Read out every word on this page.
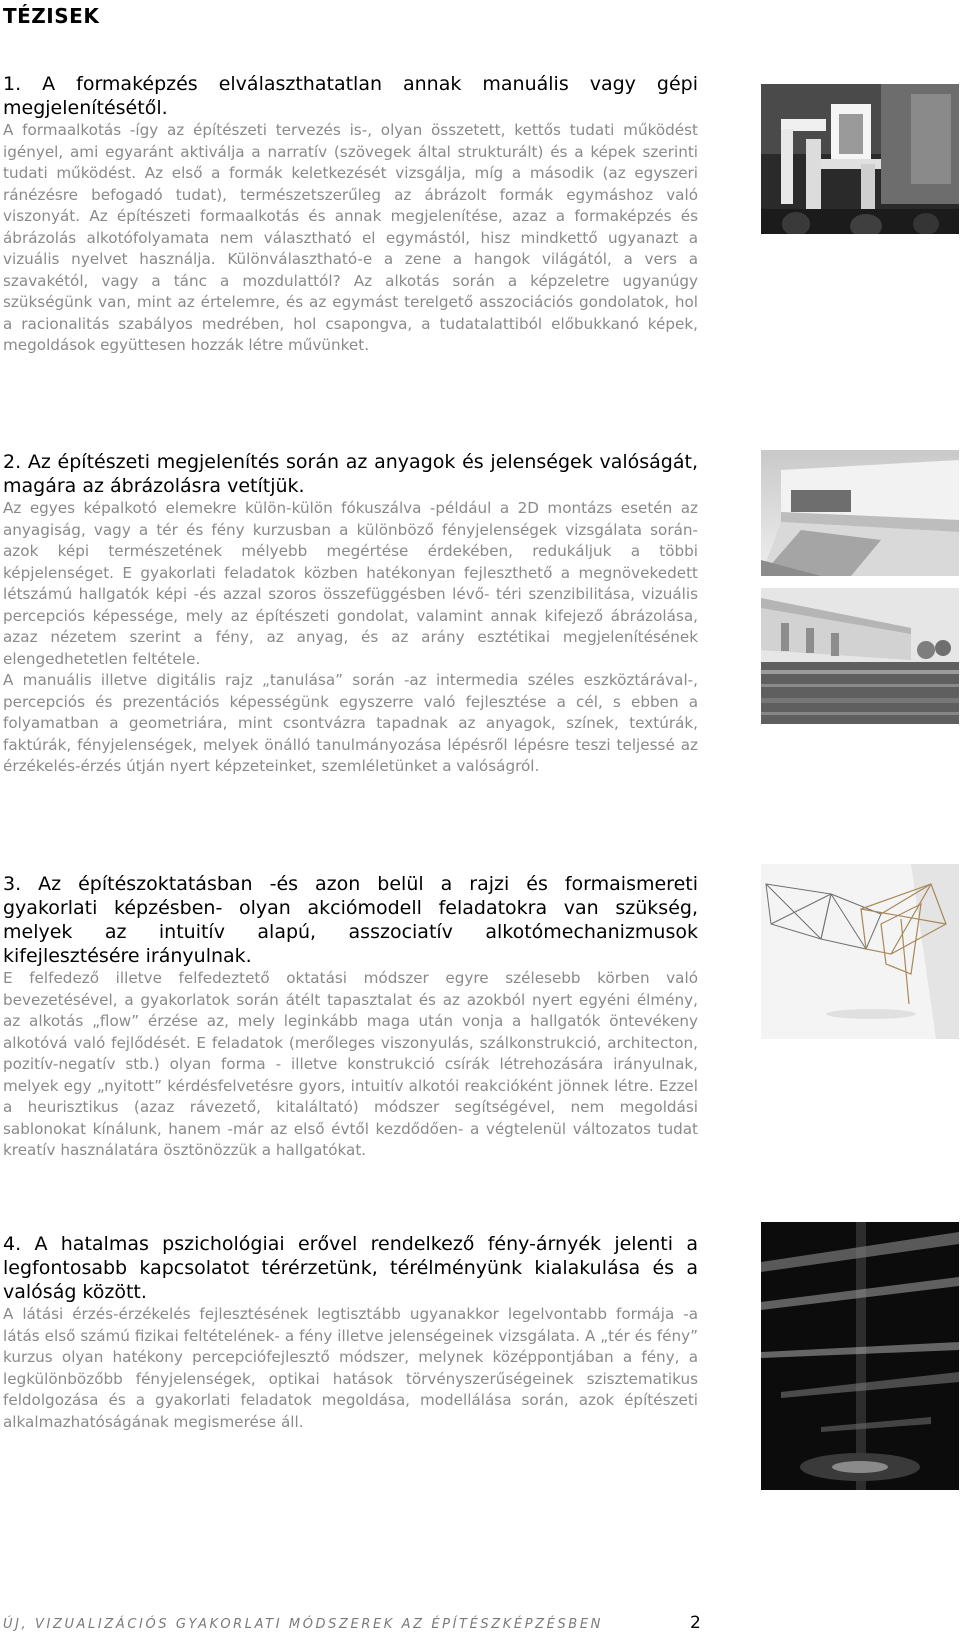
TÉZISEK
1. A formaképzés elválaszthatatlan annak manuális vagy gépi megjelenítésétől.

A formaalkotás -így az építészeti tervezés is-, olyan összetett, kettős tudati működést igényel, ami egyaránt aktiválja a narratív (szövegek által strukturált) és a képek szerinti tudati működést. Az első a formák keletkezését vizsgálja, míg a második (az egyszeri ránézésre befogadó tudat), természetszerűleg az ábrázolt formák egymáshoz való viszonyát. Az építészeti formaalkotás és annak megjelenítése, azaz a formaképzés és ábrázolás alkotófolyamata nem választható el egymástól, hisz mindkettő ugyanazt a vizuális nyelvet használja. Különválasztható-e a zene a hangok világától, a vers a szavakétól, vagy a tánc a mozdulattól? Az alkotás során a képzeletre ugyanúgy szükségünk van, mint az értelemre, és az egymást terelgető asszociációs gondolatok, hol a racionalitás szabályos medrében, hol csapongva, a tudatalattiból előbukkanó képek, megoldások együttesen hozzák létre művünket.

2. Az építészeti megjelenítés során az anyagok és jelenségek valóságát, magára az ábrázolásra vetítjük.

Az egyes képalkotó elemekre külön-külön fókuszálva -például a 2D montázs esetén az anyagiság, vagy a tér és fény kurzusban a különböző fényjelenségek vizsgálata során- azok képi természetének mélyebb megértése érdekében, redukáljuk a többi képjelenséget. E gyakorlati feladatok közben hatékonyan fejleszthető a megnövekedett létszámú hallgatók képi -és azzal szoros összefüggésben lévő- téri szenzibilitása, vizuális percepciós képessége, mely az építészeti gondolat, valamint annak kifejező ábrázolása, azaz nézetem szerint a fény, az anyag, és az arány esztétikai megjelenítésének elengedhetetlen feltétele.

A manuális illetve digitális rajz „tanulása” során -az intermedia széles eszköztárával-, percepciós és prezentációs képességünk egyszerre való fejlesztése a cél, s ebben a folyamatban a geometriára, mint csontvázra tapadnak az anyagok, színek, textúrák, faktúrák, fényjelenségek, melyek önálló tanulmányozása lépésről lépésre teszi teljessé az érzékelés-érzés útján nyert képzeteinket, szemléletünket a valóságról.

3. Az építészoktatásban -és azon belül a rajzi és formaismereti gyakorlati képzésben- olyan akciómodell feladatokra van szükség, melyek az intuitív alapú, asszociatív alkotómechanizmusok kifejlesztésére irányulnak.

E felfedező illetve felfedeztető oktatási módszer egyre szélesebb körben való bevezetésével, a gyakorlatok során átélt tapasztalat és az azokból nyert egyéni élmény, az alkotás „flow” érzése az, mely leginkább maga után vonja a hallgatók öntevékeny alkotóvá való fejlődését. E feladatok (merőleges viszonyulás, szálkonstrukció, architecton, pozitív-negatív stb.) olyan forma - illetve konstrukció csírák létrehozására irányulnak, melyek egy „nyitott” kérdésfelvetésre gyors, intuitív alkotói reakcióként jönnek létre. Ezzel a heurisztikus (azaz rávezető, kitaláltató) módszer segítségével, nem megoldási sablonokat kínálunk, hanem -már az első évtől kezdődően- a végtelenül változatos tudat kreatív használatára ösztönözzük a hallgatókat.

4. A hatalmas pszichológiai erővel rendelkező fény-árnyék jelenti a legfontosabb kapcsolatot térérzetünk, térélményünk kialakulása és a valóság között.

A látási érzés-érzékelés fejlesztésének legtisztább ugyanakkor legelvontabb formája -a látás első számú fizikai feltételének- a fény illetve jelenségeinek vizsgálata. A „tér és fény” kurzus olyan hatékony percepciófejlesztő módszer, melynek középpontjában a fény, a legkülönbözőbb fényjelenségek, optikai hatások törvényszerűségeinek szisztematikus feldolgozása és a gyakorlati feladatok megoldása, modellálása során, azok építészeti alkalmazhatóságának megismerése áll.

ÚJ, VIZUALIZÁCIÓS GYAKORLATI MÓDSZEREK AZ ÉPÍTÉSZKÉPZÉSBEN	2
